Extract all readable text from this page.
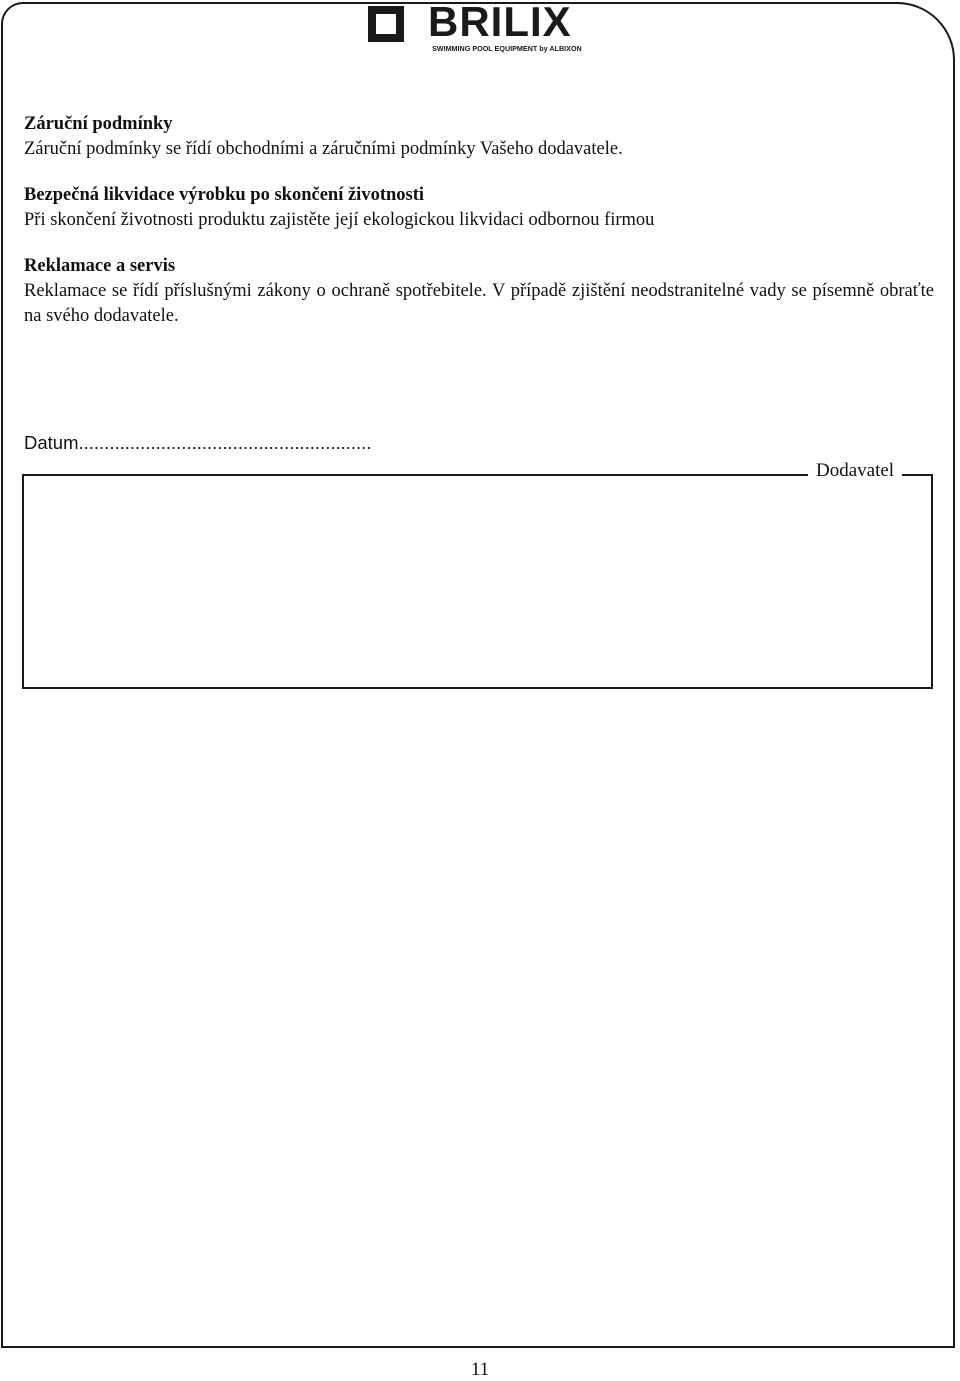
BRILIX
SWIMMING POOL EQUIPMENT by ALBIXON

Záruční podmínky

Záruční podmínky se řídí obchodními a záručními podmínky Vašeho dodavatele.

Bezpečná likvidace výrobku po skončení životnosti

Při skončení životnosti produktu zajistěte její ekologickou likvidaci odbornou firmou

Reklamace a servis

Reklamace se řídí příslušnými zákony o ochraně spotřebitele. V případě zjištění neodstranitelné vady se písemně obraťte na svého dodavatele.

Datum.........................................................
Dodavatel
11
